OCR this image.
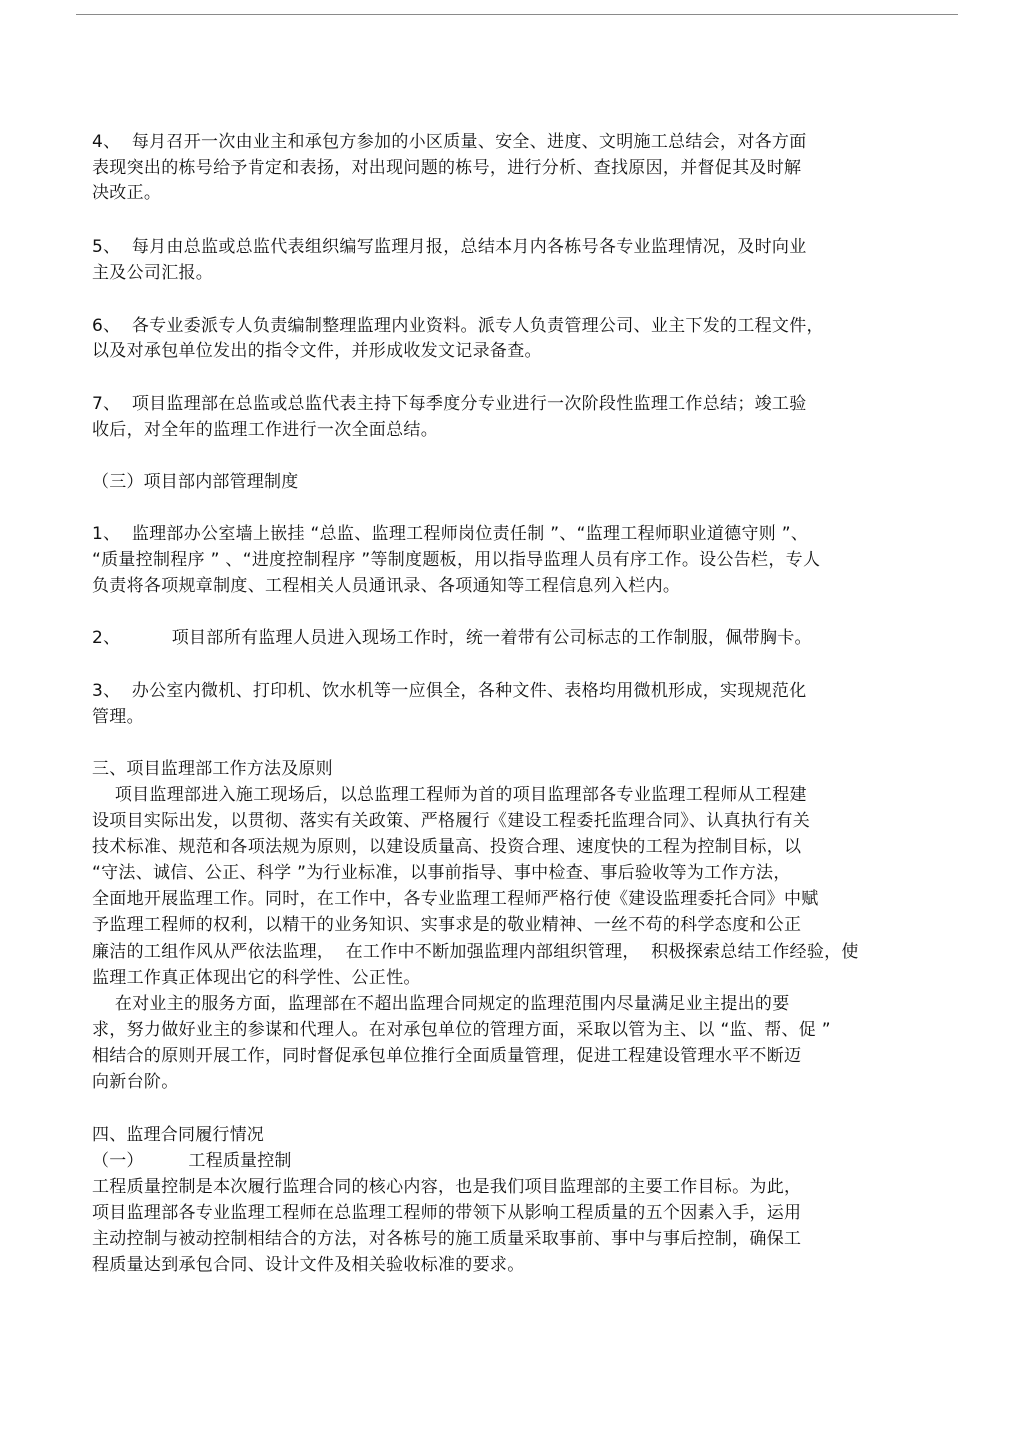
4、  每月召开一次由业主和承包方参加的小区质量、安全、进度、文明施工总结会，对各方面
表现突出的栋号给予肯定和表扬，对出现问题的栋号，进行分析、查找原因，并督促其及时解
决改正。
5、  每月由总监或总监代表组织编写监理月报，总结本月内各栋号各专业监理情况，及时向业
主及公司汇报。
6、  各专业委派专人负责编制整理监理内业资料。派专人负责管理公司、业主下发的工程文件，
以及对承包单位发出的指令文件，并形成收发文记录备查。
7、  项目监理部在总监或总监代表主持下每季度分专业进行一次阶段性监理工作总结；竣工验
收后，对全年的监理工作进行一次全面总结。
（三）项目部内部管理制度
1、  监理部办公室墙上嵌挂 “总监、监理工程师岗位责任制 ”、“监理工程师职业道德守则 ”、
“质量控制程序 ” 、“进度控制程序 ”等制度题板，用以指导监理人员有序工作。设公告栏，专人
负责将各项规章制度、工程相关人员通讯录、各项通知等工程信息列入栏内。
2、         项目部所有监理人员进入现场工作时，统一着带有公司标志的工作制服，佩带胸卡。
3、  办公室内微机、打印机、饮水机等一应俱全，各种文件、表格均用微机形成，实现规范化
管理。
三、项目监理部工作方法及原则
项目监理部进入施工现场后，以总监理工程师为首的项目监理部各专业监理工程师从工程建
设项目实际出发，以贯彻、落实有关政策、严格履行《建设工程委托监理合同》、认真执行有关
技术标准、规范和各项法规为原则，以建设质量高、投资合理、速度快的工程为控制目标，以
“守法、诚信、公正、科学 ”为行业标准，以事前指导、事中检查、事后验收等为工作方法，
全面地开展监理工作。同时，在工作中，各专业监理工程师严格行使《建设监理委托合同》中赋
予监理工程师的权利，以精干的业务知识、实事求是的敬业精神、一丝不苟的科学态度和公正
廉洁的工组作风从严依法监理，  在工作中不断加强监理内部组织管理，  积极探索总结工作经验，使
监理工作真正体现出它的科学性、公正性。
在对业主的服务方面，监理部在不超出监理合同规定的监理范围内尽量满足业主提出的要
求，努力做好业主的参谋和代理人。在对承包单位的管理方面，采取以管为主、以 “监、帮、促 ”
相结合的原则开展工作，同时督促承包单位推行全面质量管理，促进工程建设管理水平不断迈
向新台阶。
四、监理合同履行情况
（一）        工程质量控制
工程质量控制是本次履行监理合同的核心内容，也是我们项目监理部的主要工作目标。为此，
项目监理部各专业监理工程师在总监理工程师的带领下从影响工程质量的五个因素入手，运用
主动控制与被动控制相结合的方法，对各栋号的施工质量采取事前、事中与事后控制，确保工
程质量达到承包合同、设计文件及相关验收标准的要求。
